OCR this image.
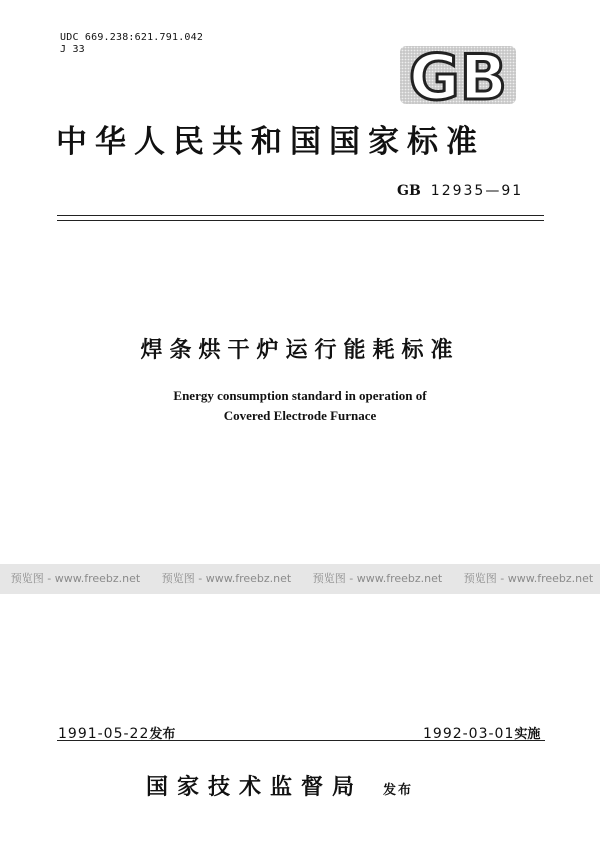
UDC 669.238:621.791.042
J 33	GB
中华人民共和国国家标准
GB 12935—91
焊条烘干炉运行能耗标准
Energy consumption standard in operation of
Covered Electrode Furnace
预览图 - www.freebz.net 预览图 - www.freebz.net 预览图 - www.freebz.net 预览图 - www.freebz.net
1991-05-22发布	1992-03-01实施
国家技术监督局 发布
